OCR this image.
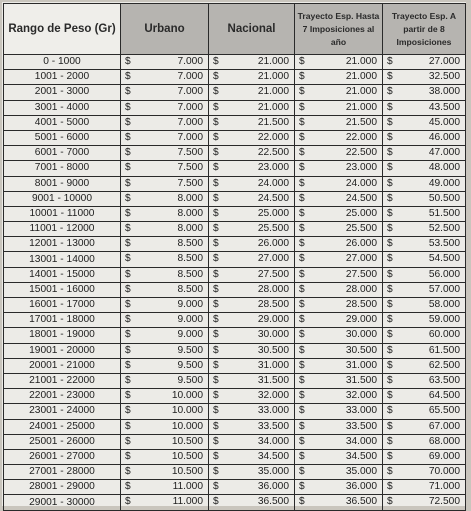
Rango de Peso (Gr)	Urbano	Nacional	Trayecto Esp. Hasta 7 Imposiciones al año	Trayecto Esp. A partir de 8 Imposiciones
0 - 1000	$ 7.000	$ 21.000	$ 21.000	$ 27.000

1001 - 2000	$ 7.000	$ 21.000	$ 21.000	$ 32.500

2001 - 3000	$ 7.000	$ 21.000	$ 21.000	$ 38.000

3001 - 4000	$ 7.000	$ 21.000	$ 21.000	$ 43.500

4001 - 5000	$ 7.000	$ 21.500	$ 21.500	$ 45.000

5001 - 6000	$ 7.000	$ 22.000	$ 22.000	$ 46.000

6001 - 7000	$ 7.500	$ 22.500	$ 22.500	$ 47.000

7001 - 8000	$ 7.500	$ 23.000	$ 23.000	$ 48.000

8001 - 9000	$ 7.500	$ 24.000	$ 24.000	$ 49.000

9001 - 10000	$ 8.000	$ 24.500	$ 24.500	$ 50.500

10001 - 11000	$ 8.000	$ 25.000	$ 25.000	$ 51.500

11001 - 12000	$ 8.000	$ 25.500	$ 25.500	$ 52.500

12001 - 13000	$ 8.500	$ 26.000	$ 26.000	$ 53.500

13001 - 14000	$ 8.500	$ 27.000	$ 27.000	$ 54.500

14001 - 15000	$ 8.500	$ 27.500	$ 27.500	$ 56.000

15001 - 16000	$ 8.500	$ 28.000	$ 28.000	$ 57.000

16001 - 17000	$ 9.000	$ 28.500	$ 28.500	$ 58.000

17001 - 18000	$ 9.000	$ 29.000	$ 29.000	$ 59.000

18001 - 19000	$ 9.000	$ 30.000	$ 30.000	$ 60.000

19001 - 20000	$ 9.500	$ 30.500	$ 30.500	$ 61.500

20001 - 21000	$ 9.500	$ 31.000	$ 31.000	$ 62.500

21001 - 22000	$ 9.500	$ 31.500	$ 31.500	$ 63.500

22001 - 23000	$ 10.000	$ 32.000	$ 32.000	$ 64.500

23001 - 24000	$ 10.000	$ 33.000	$ 33.000	$ 65.500

24001 - 25000	$ 10.000	$ 33.500	$ 33.500	$ 67.000

25001 - 26000	$ 10.500	$ 34.000	$ 34.000	$ 68.000

26001 - 27000	$ 10.500	$ 34.500	$ 34.500	$ 69.000

27001 - 28000	$ 10.500	$ 35.000	$ 35.000	$ 70.000

28001 - 29000	$ 11.000	$ 36.000	$ 36.000	$ 71.000

29001 - 30000	$ 11.000	$ 36.500	$ 36.500	$ 72.500
